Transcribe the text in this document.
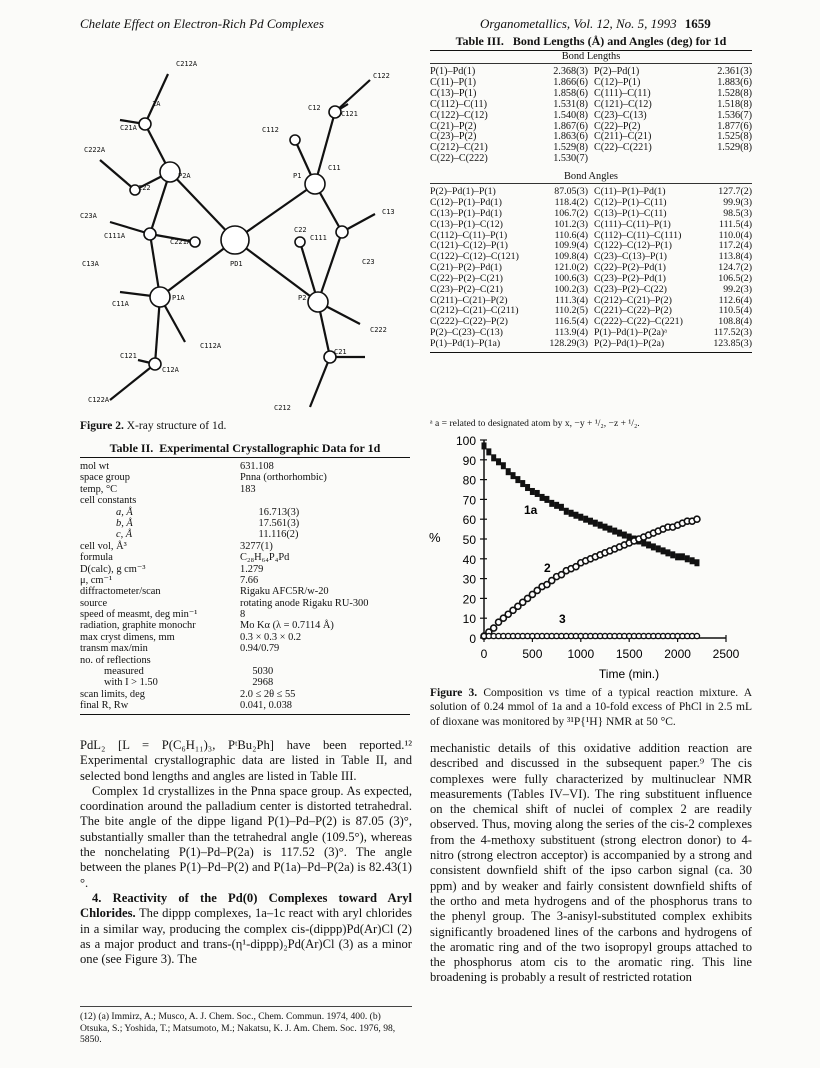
Chelate Effect on Electron-Rich Pd Complexes	Organometallics, Vol. 12, No. 5, 1993 1659
C212A
C122
1A	C12
C121
C21A	C112
C222A
C11
P2A	P1
C22
C13
C23A
C22
C111
C111A
C221A
C23
C13A	PD1
C11A
P1A	P2
C222
C112A
C21
C121
C12A
C122A
C212
Figure 2. X-ray structure of 1d.
Table II. Experimental Crystallographic Data for 1d
mol wt	631.108
space group	Pnna (orthorhombic)
temp, °C	183
cell constants
a, Å	16.713(3)
b, Å	17.561(3)
c, Å	11.116(2)
cell vol, Å³	3277(1)
formula	C₂₈H₆₄P₄Pd
D(calc), g cm⁻³	1.279
μ, cm⁻¹	7.66
diffractometer/scan	Rigaku AFC5R/w-20
source	rotating anode Rigaku RU-300
speed of measmt, deg min⁻¹	8
radiation, graphite monochr	Mo Kα (λ = 0.7114 Å)
max cryst dimens, mm	0.3 × 0.3 × 0.2
transm max/min	0.94/0.79
no. of reflections
measured	5030
with I > 1.50	2968
scan limits, deg	2.0 ≤ 2θ ≤ 55
final R, Rw	0.041, 0.038

PdL₂ [L = P(C₆H₁₁)₃, PᵗBu₂Ph] have been reported.¹² Experimental crystallographic data are listed in Table II, and selected bond lengths and angles are listed in Table III.

Complex 1d crystallizes in the Pnna space group. As expected, coordination around the palladium center is distorted tetrahedral. The bite angle of the dippe ligand P(1)–Pd–P(2) is 87.05 (3)°, substantially smaller than the tetrahedral angle (109.5°), whereas the nonchelating P(1)–Pd–P(2a) is 117.52 (3)°. The angle between the planes P(1)–Pd–P(2) and P(1a)–Pd–P(2a) is 82.43(1)°.

4. Reactivity of the Pd(0) Complexes toward Aryl Chlorides. The dippp complexes, 1a–1c react with aryl chlorides in a similar way, producing the complex cis-(dippp)Pd(Ar)Cl (2) as a major product and trans-(η¹-dippp)₂Pd(Ar)Cl (3) as a minor one (see Figure 3). The

(12) (a) Immirz, A.; Musco, A. J. Chem. Soc., Chem. Commun. 1974, 400. (b) Otsuka, S.; Yoshida, T.; Matsumoto, M.; Nakatsu, K. J. Am. Chem. Soc. 1976, 98, 5850.
Table III. Bond Lengths (Å) and Angles (deg) for 1d
Bond Lengths
P(1)–Pd(1)	2.368(3) P(2)–Pd(1)	2.361(3)
C(11)–P(1)	1.866(6) C(12)–P(1)	1.883(6)
C(13)–P(1)	1.858(6) C(111)–C(11)	1.528(8)
C(112)–C(11)	1.531(8) C(121)–C(12)	1.518(8)
C(122)–C(12)	1.540(8) C(23)–C(13)	1.536(7)
C(21)–P(2)	1.867(6) C(22)–P(2)	1.877(6)
C(23)–P(2)	1.863(6) C(211)–C(21)	1.525(8)
C(212)–C(21)	1.529(8) C(22)–C(221)	1.529(8)
C(22)–C(222)	1.530(7)
Bond Angles
P(2)–Pd(1)–P(1)	87.05(3) C(11)–P(1)–Pd(1)	127.7(2)
C(12)–P(1)–Pd(1)	118.4(2) C(12)–P(1)–C(11)	99.9(3)
C(13)–P(1)–Pd(1)	106.7(2) C(13)–P(1)–C(11)	98.5(3)
C(13)–P(1)–C(12)	101.2(3) C(111)–C(11)–P(1)	111.5(4)
C(112)–C(11)–P(1)	110.6(4) C(112)–C(11)–C(111)	110.0(4)
C(121)–C(12)–P(1)	109.9(4) C(122)–C(12)–P(1)	117.2(4)
C(122)–C(12)–C(121)	109.8(4) C(23)–C(13)–P(1)	113.8(4)
C(21)–P(2)–Pd(1)	121.0(2) C(22)–P(2)–Pd(1)	124.7(2)
C(22)–P(2)–C(21)	100.6(3) C(23)–P(2)–Pd(1)	106.5(2)
C(23)–P(2)–C(21)	100.2(3) C(23)–P(2)–C(22)	99.2(3)
C(211)–C(21)–P(2)	111.3(4) C(212)–C(21)–P(2)	112.6(4)
C(212)–C(21)–C(211)	110.2(5) C(221)–C(22)–P(2)	110.5(4)
C(222)–C(22)–P(2)	116.5(4) C(222)–C(22)–C(221)	108.8(4)
P(2)–C(23)–C(13)	113.9(4) P(1)–Pd(1)–P(2a)ᵃ	117.52(3)
P(1)–Pd(1)–P(1a)	128.29(3) P(2)–Pd(1)–P(2a)	123.85(3)
ᵃ a = related to designated atom by x, −y + ¹/₂, −z + ¹/₂.
0
10
20
30
40
50
60
70
80
90
100
0	500 1000 1500 2000 2500
%
Time (min.)
1a
2
3
Figure 3. Composition vs time of a typical reaction mixture. A solution of 0.24 mmol of 1a and a 10-fold excess of PhCl in 2.5 mL of dioxane was monitored by ³¹P{¹H} NMR at 50 °C.

mechanistic details of this oxidative addition reaction are described and discussed in the subsequent paper.⁹ The cis complexes were fully characterized by multinuclear NMR measurements (Tables IV–VI). The ring substituent influence on the chemical shift of nuclei of complex 2 are readily observed. Thus, moving along the series of the cis-2 complexes from the 4-methoxy substituent (strong electron donor) to 4-nitro (strong electron acceptor) is accompanied by a strong and consistent downfield shift of the ipso carbon signal (ca. 30 ppm) and by weaker and fairly consistent downfield shifts of the ortho and meta hydrogens and of the phosphorus trans to the phenyl group. The 3-anisyl-substituted complex exhibits significantly broadened lines of the carbons and hydrogens of the aromatic ring and of the two isopropyl groups attached to the phosphorus atom cis to the aromatic ring. This line broadening is probably a result of restricted rotation
